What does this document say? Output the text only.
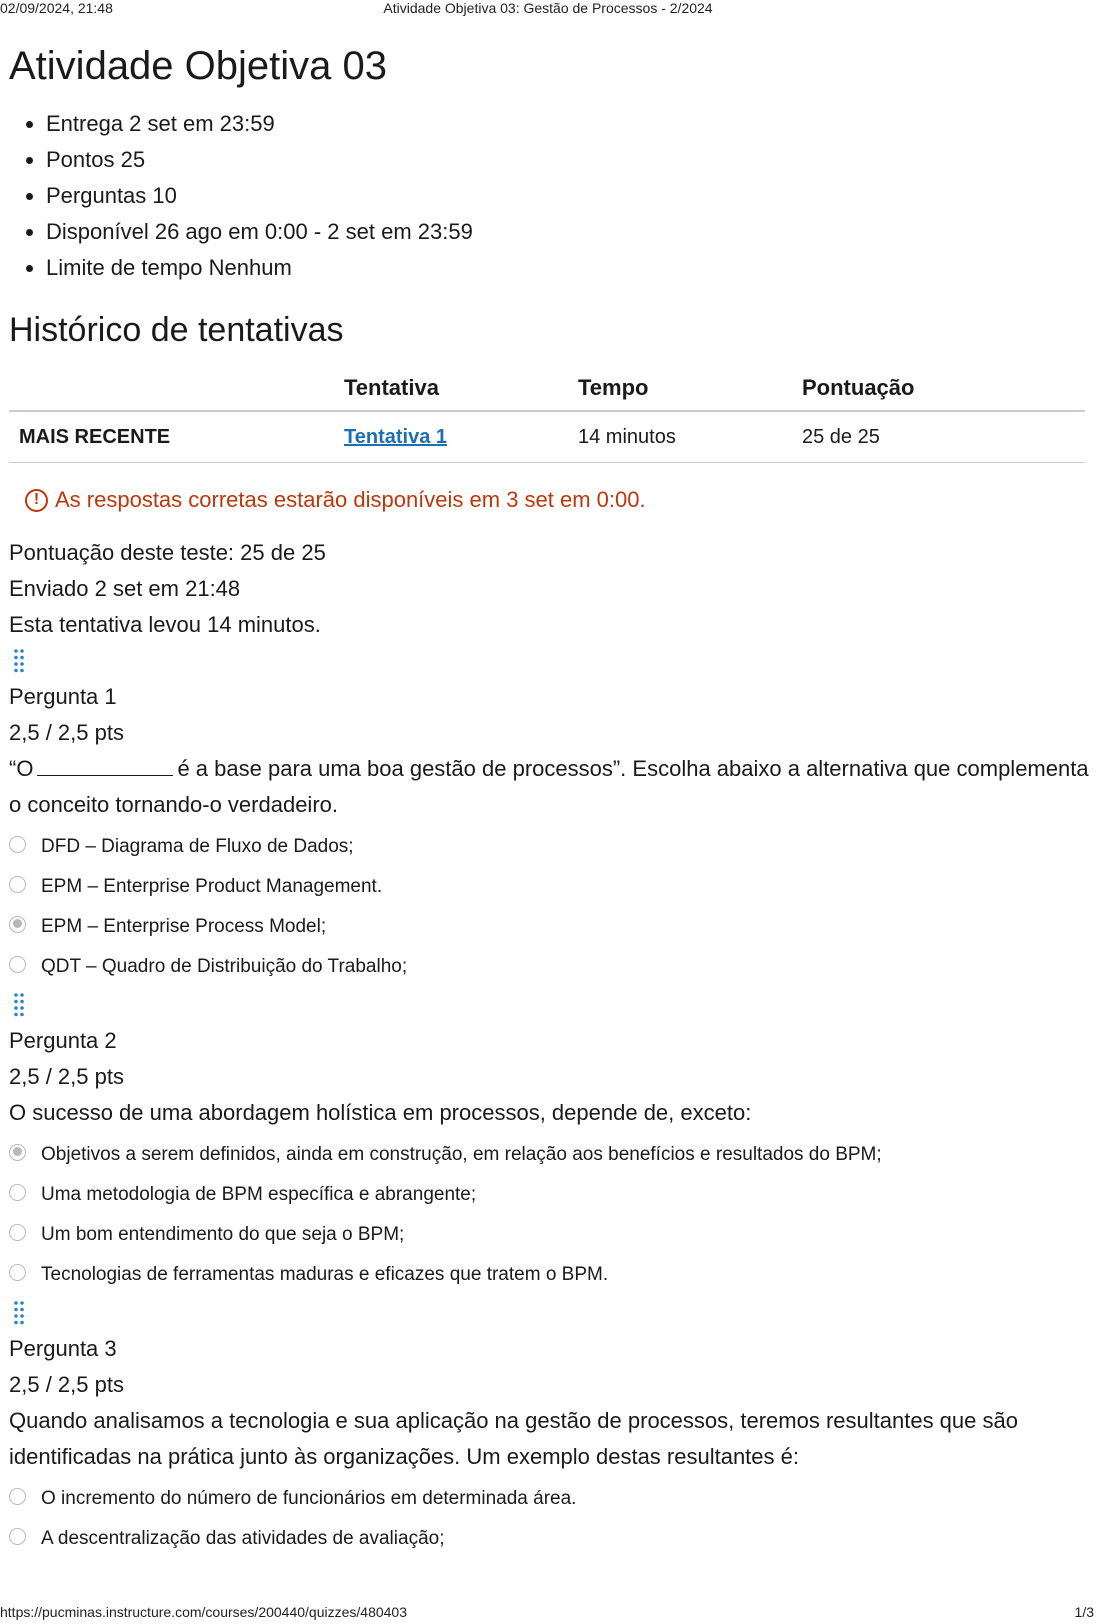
02/09/2024, 21:48	Atividade Objetiva 03: Gestão de Processos - 2/2024
Atividade Objetiva 03
• Entrega 2 set em 23:59
• Pontos 25
• Perguntas 10
• Disponível 26 ago em 0:00 - 2 set em 23:59
• Limite de tempo Nenhum
Histórico de tentativas
	Tentativa	Tempo	Pontuação
MAIS RECENTE	Tentativa 1	14 minutos	25 de 25
! As respostas corretas estarão disponíveis em 3 set em 0:00.
Pontuação deste teste: 25 de 25
Enviado 2 set em 21:48
Esta tentativa levou 14 minutos.
Pergunta 1
2,5 / 2,5 pts
“O	é a base para uma boa gestão de processos”. Escolha abaixo a alternativa que complementa o conceito tornando-o verdadeiro.
DFD – Diagrama de Fluxo de Dados;
EPM – Enterprise Product Management.
EPM – Enterprise Process Model;
QDT – Quadro de Distribuição do Trabalho;
Pergunta 2
2,5 / 2,5 pts
O sucesso de uma abordagem holística em processos, depende de, exceto:
Objetivos a serem definidos, ainda em construção, em relação aos benefícios e resultados do BPM;
Uma metodologia de BPM específica e abrangente;
Um bom entendimento do que seja o BPM;
Tecnologias de ferramentas maduras e eficazes que tratem o BPM.
Pergunta 3
2,5 / 2,5 pts
Quando analisamos a tecnologia e sua aplicação na gestão de processos, teremos resultantes que são identificadas na prática junto às organizações. Um exemplo destas resultantes é:
O incremento do número de funcionários em determinada área.
A descentralização das atividades de avaliação;
https://pucminas.instructure.com/courses/200440/quizzes/480403	1/3
